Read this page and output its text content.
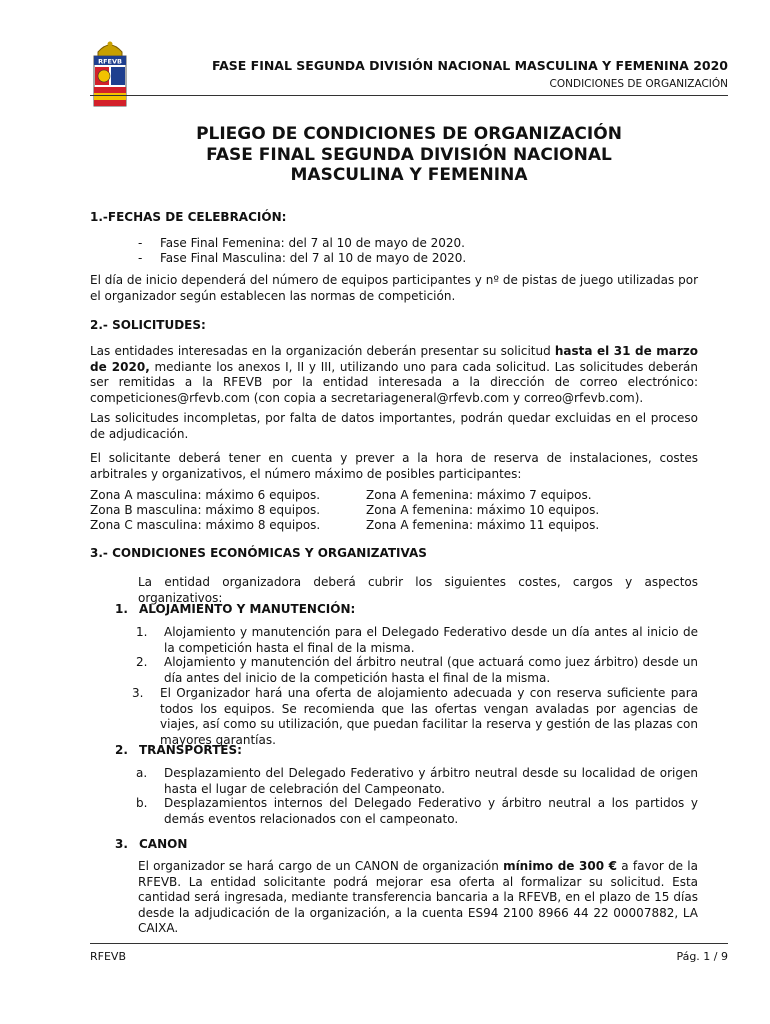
RFEVB	FASE FINAL SEGUNDA DIVISIÓN NACIONAL MASCULINA Y FEMENINA 2020
CONDICIONES DE ORGANIZACIÓN
PLIEGO DE CONDICIONES DE ORGANIZACIÓN
FASE FINAL SEGUNDA DIVISIÓN NACIONAL
MASCULINA Y FEMENINA
1.-FECHAS DE CELEBRACIÓN:
- Fase Final Femenina: del 7 al 10 de mayo de 2020.
- Fase Final Masculina: del 7 al 10 de mayo de 2020.

El día de inicio dependerá del número de equipos participantes y nº de pistas de juego utilizadas por el organizador según establecen las normas de competición.

2.- SOLICITUDES:

Las entidades interesadas en la organización deberán presentar su solicitud hasta el 31 de marzo de 2020, mediante los anexos I, II y III, utilizando uno para cada solicitud. Las solicitudes deberán ser remitidas a la RFEVB por la entidad interesada a la dirección de correo electrónico: competiciones@rfevb.com (con copia a secretariageneral@rfevb.com y correo@rfevb.com).

Las solicitudes incompletas, por falta de datos importantes, podrán quedar excluidas en el proceso de adjudicación.

El solicitante deberá tener en cuenta y prever a la hora de reserva de instalaciones, costes arbitrales y organizativos, el número máximo de posibles participantes:

Zona A masculina: máximo 6 equipos.
Zona B masculina: máximo 8 equipos.
Zona C masculina: máximo 8 equipos.
Zona A femenina: máximo 7 equipos.
Zona A femenina: máximo 10 equipos.
Zona A femenina: máximo 11 equipos.
3.- CONDICIONES ECONÓMICAS Y ORGANIZATIVAS

La entidad organizadora deberá cubrir los siguientes costes, cargos y aspectos organizativos:

1. ALOJAMIENTO Y MANUTENCIÓN:
1. Alojamiento y manutención para el Delegado Federativo desde un día antes al inicio de la competición hasta el final de la misma.
2. Alojamiento y manutención del árbitro neutral (que actuará como juez árbitro) desde un día antes del inicio de la competición hasta el final de la misma.
3. El Organizador hará una oferta de alojamiento adecuada y con reserva suficiente para todos los equipos. Se recomienda que las ofertas vengan avaladas por agencias de viajes, así como su utilización, que puedan facilitar la reserva y gestión de las plazas con mayores garantías.
2. TRANSPORTES:
a. Desplazamiento del Delegado Federativo y árbitro neutral desde su localidad de origen hasta el lugar de celebración del Campeonato.
b. Desplazamientos internos del Delegado Federativo y árbitro neutral a los partidos y demás eventos relacionados con el campeonato.
3. CANON

El organizador se hará cargo de un CANON de organización mínimo de 300 € a favor de la RFEVB. La entidad solicitante podrá mejorar esa oferta al formalizar su solicitud. Esta cantidad será ingresada, mediante transferencia bancaria a la RFEVB, en el plazo de 15 días desde la adjudicación de la organización, a la cuenta ES94 2100 8966 44 22 00007882, LA CAIXA.

RFEVB	Pág. 1 / 9
